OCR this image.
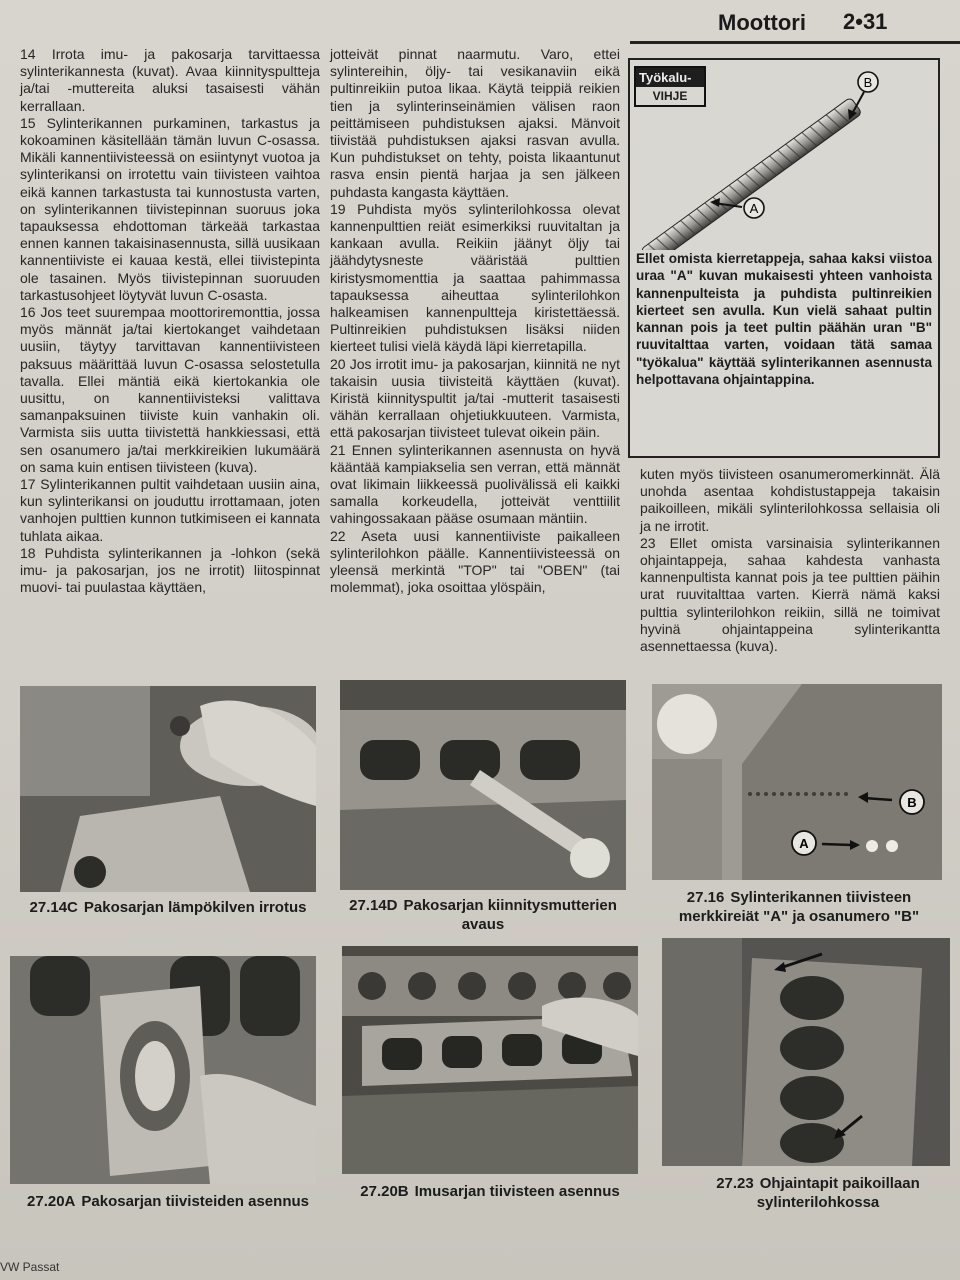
Moottori 2•31

14 Irrota imu- ja pakosarja tarvittaessa sylinterikannesta (kuvat). Avaa kiinnityspultteja ja/tai -muttereita aluksi tasaisesti vähän kerrallaan.

15 Sylinterikannen purkaminen, tarkastus ja kokoaminen käsitellään tämän luvun C-osassa. Mikäli kannentiivisteessä on esiintynyt vuotoa ja sylinterikansi on irrotettu vain tiivisteen vaihtoa eikä kannen tarkastusta tai kunnostusta varten, on sylinterikannen tiivistepinnan suoruus joka tapauksessa ehdottoman tärkeää tarkastaa ennen kannen takaisinasennusta, sillä uusikaan kannentiiviste ei kauaa kestä, ellei tiivistepinta ole tasainen. Myös tiivistepinnan suoruuden tarkastusohjeet löytyvät luvun C-osasta.

16 Jos teet suurempaa moottoriremonttia, jossa myös männät ja/tai kiertokanget vaihdetaan uusiin, täytyy tarvittavan kannentiivisteen paksuus määrittää luvun C-osassa selostetulla tavalla. Ellei mäntiä eikä kiertokankia ole uusittu, on kannentiivisteksi valittava samanpaksuinen tiiviste kuin vanhakin oli. Varmista siis uutta tiivistettä hankkiessasi, että sen osanumero ja/tai merkkireikien lukumäärä on sama kuin entisen tiivisteen (kuva).

17 Sylinterikannen pultit vaihdetaan uusiin aina, kun sylinterikansi on jouduttu irrottamaan, joten vanhojen pulttien kunnon tutkimiseen ei kannata tuhlata aikaa.

18 Puhdista sylinterikannen ja -lohkon (sekä imu- ja pakosarjan, jos ne irrotit) liitospinnat muovi- tai puulastaa käyttäen,

jotteivät pinnat naarmutu. Varo, ettei sylintereihin, öljy- tai vesikanaviin eikä pultinreikiin putoa likaa. Käytä teippiä reikien tien ja sylinterinseinämien välisen raon peittämiseen puhdistuksen ajaksi. Mänvoit tiivistää puhdistuksen ajaksi rasvan avulla. Kun puhdistukset on tehty, poista likaantunut rasva ensin pientä harjaa ja sen jälkeen puhdasta kangasta käyttäen.

19 Puhdista myös sylinterilohkossa olevat kannenpulttien reiät esimerkiksi ruuvitaltan ja kankaan avulla. Reikiin jäänyt öljy tai jäähdytysneste vääristää pulttien kiristysmomenttia ja saattaa pahimmassa tapauksessa aiheuttaa sylinterilohkon halkeamisen kannenpultteja kiristettäessä. Pultinreikien puhdistuksen lisäksi niiden kierteet tulisi vielä käydä läpi kierretapilla.

20 Jos irrotit imu- ja pakosarjan, kiinnitä ne nyt takaisin uusia tiivisteitä käyttäen (kuvat). Kiristä kiinnityspultit ja/tai -mutterit tasaisesti vähän kerrallaan ohjetiukkuuteen. Varmista, että pakosarjan tiivisteet tulevat oikein päin.

21 Ennen sylinterikannen asennusta on hyvä kääntää kampiakselia sen verran, että männät ovat likimain liikkeessä puolivälissä eli kaikki samalla korkeudella, jotteivät venttiilit vahingossakaan pääse osumaan mäntiin.

22 Aseta uusi kannentiiviste paikalleen sylinterilohkon päälle. Kannentiivisteessä on yleensä merkintä "TOP" tai "OBEN" (tai molemmat), joka osoittaa ylöspäin,

A
B
Työkalu-
VIHJE
Ellet omista kierretappeja, sahaa kaksi viistoa uraa "A" kuvan mukaisesti yhteen vanhoista kannenpulteista ja puhdista pultinreikien kierteet sen avulla. Kun vielä sahaat pultin kannan pois ja teet pultin päähän uran "B" ruuvitalttaa varten, voidaan tätä samaa "työkalua" käyttää sylinterikannen asennusta helpottavana ohjaintappina.

kuten myös tiivisteen osanumeromerkinnät. Älä unohda asentaa kohdistustappeja takaisin paikoilleen, mikäli sylinterilohkossa sellaisia oli ja ne irrotit.

23 Ellet omista varsinaisia sylinterikannen ohjaintappeja, sahaa kahdesta vanhasta kannenpultista kannat pois ja tee pulttien päihin urat ruuvitalttaa varten. Kierrä nämä kaksi pulttia sylinterilohkon reikiin, sillä ne toimivat hyvinä ohjaintappeina sylinterikantta asennettaessa (kuva).

27.14C Pakosarjan lämpökilven irrotus	27.14D Pakosarjan kiinnitysmutterien avaus
B
A
27.16 Sylinterikannen tiivisteen merkkireiät "A" ja osanumero "B"
27.20A Pakosarjan tiivisteiden asennus
27.20B Imusarjan tiivisteen asennus	27.23 Ohjaintapit paikoillaan sylinterilohkossa
VW Passat
